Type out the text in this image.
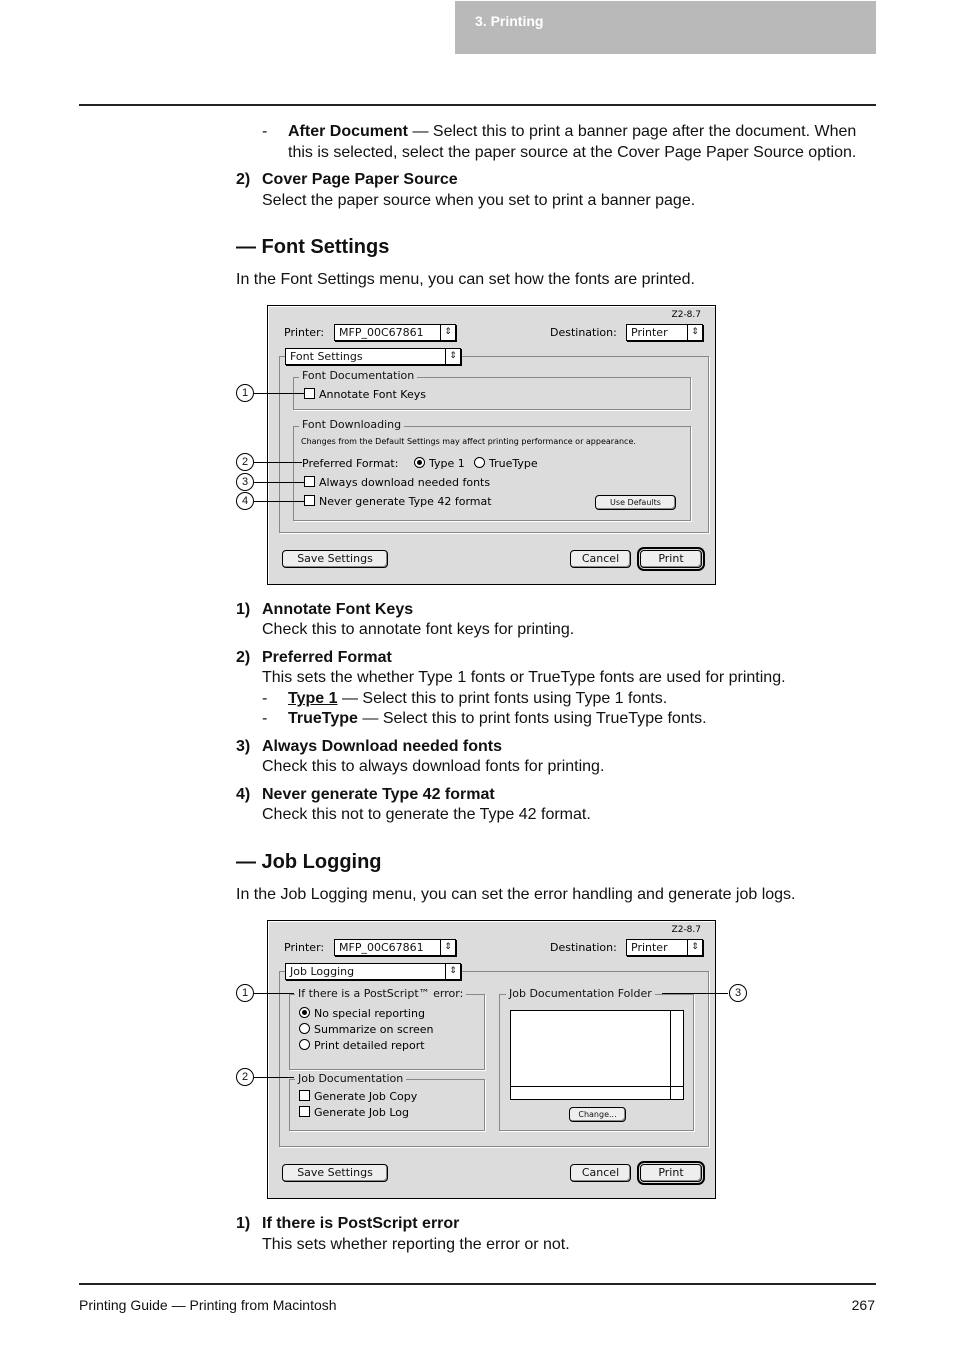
3. Printing
- After Document — Select this to print a banner page after the document. When
this is selected, select the paper source at the Cover Page Paper Source option.
2) Cover Page Paper Source
Select the paper source when you set to print a banner page.
— Font Settings
In the Font Settings menu, you can set how the fonts are printed.
Z2-8.7
Printer: MFP_00C67861	⇕	Destination: Printer	⇕
Font Settings	⇕
Font Documentation
Annotate Font Keys
Font Downloading
Changes from the Default Settings may affect printing performance or appearance.
Preferred Format:	Type 1	TrueType
Always download needed fonts
Never generate Type 42 format	Use Defaults
Save Settings	Cancel	Print
1
2
3
4
1) Annotate Font Keys
Check this to annotate font keys for printing.
2) Preferred Format
This sets the whether Type 1 fonts or TrueType fonts are used for printing.
- Type 1 — Select this to print fonts using Type 1 fonts.
- TrueType — Select this to print fonts using TrueType fonts.
3) Always Download needed fonts
Check this to always download fonts for printing.
4) Never generate Type 42 format
Check this not to generate the Type 42 format.
— Job Logging
In the Job Logging menu, you can set the error handling and generate job logs.
Z2-8.7
Printer: MFP_00C67861	⇕	Destination: Printer	⇕
Job Logging	⇕
If there is a PostScript™ error:
No special reporting
Summarize on screen
Print detailed report
Job Documentation
Generate Job Copy
Generate Job Log
Job Documentation Folder
Change...
Save Settings	Cancel	Print
1
2
3
1) If there is PostScript error
This sets whether reporting the error or not.
Printing Guide — Printing from Macintosh	267
